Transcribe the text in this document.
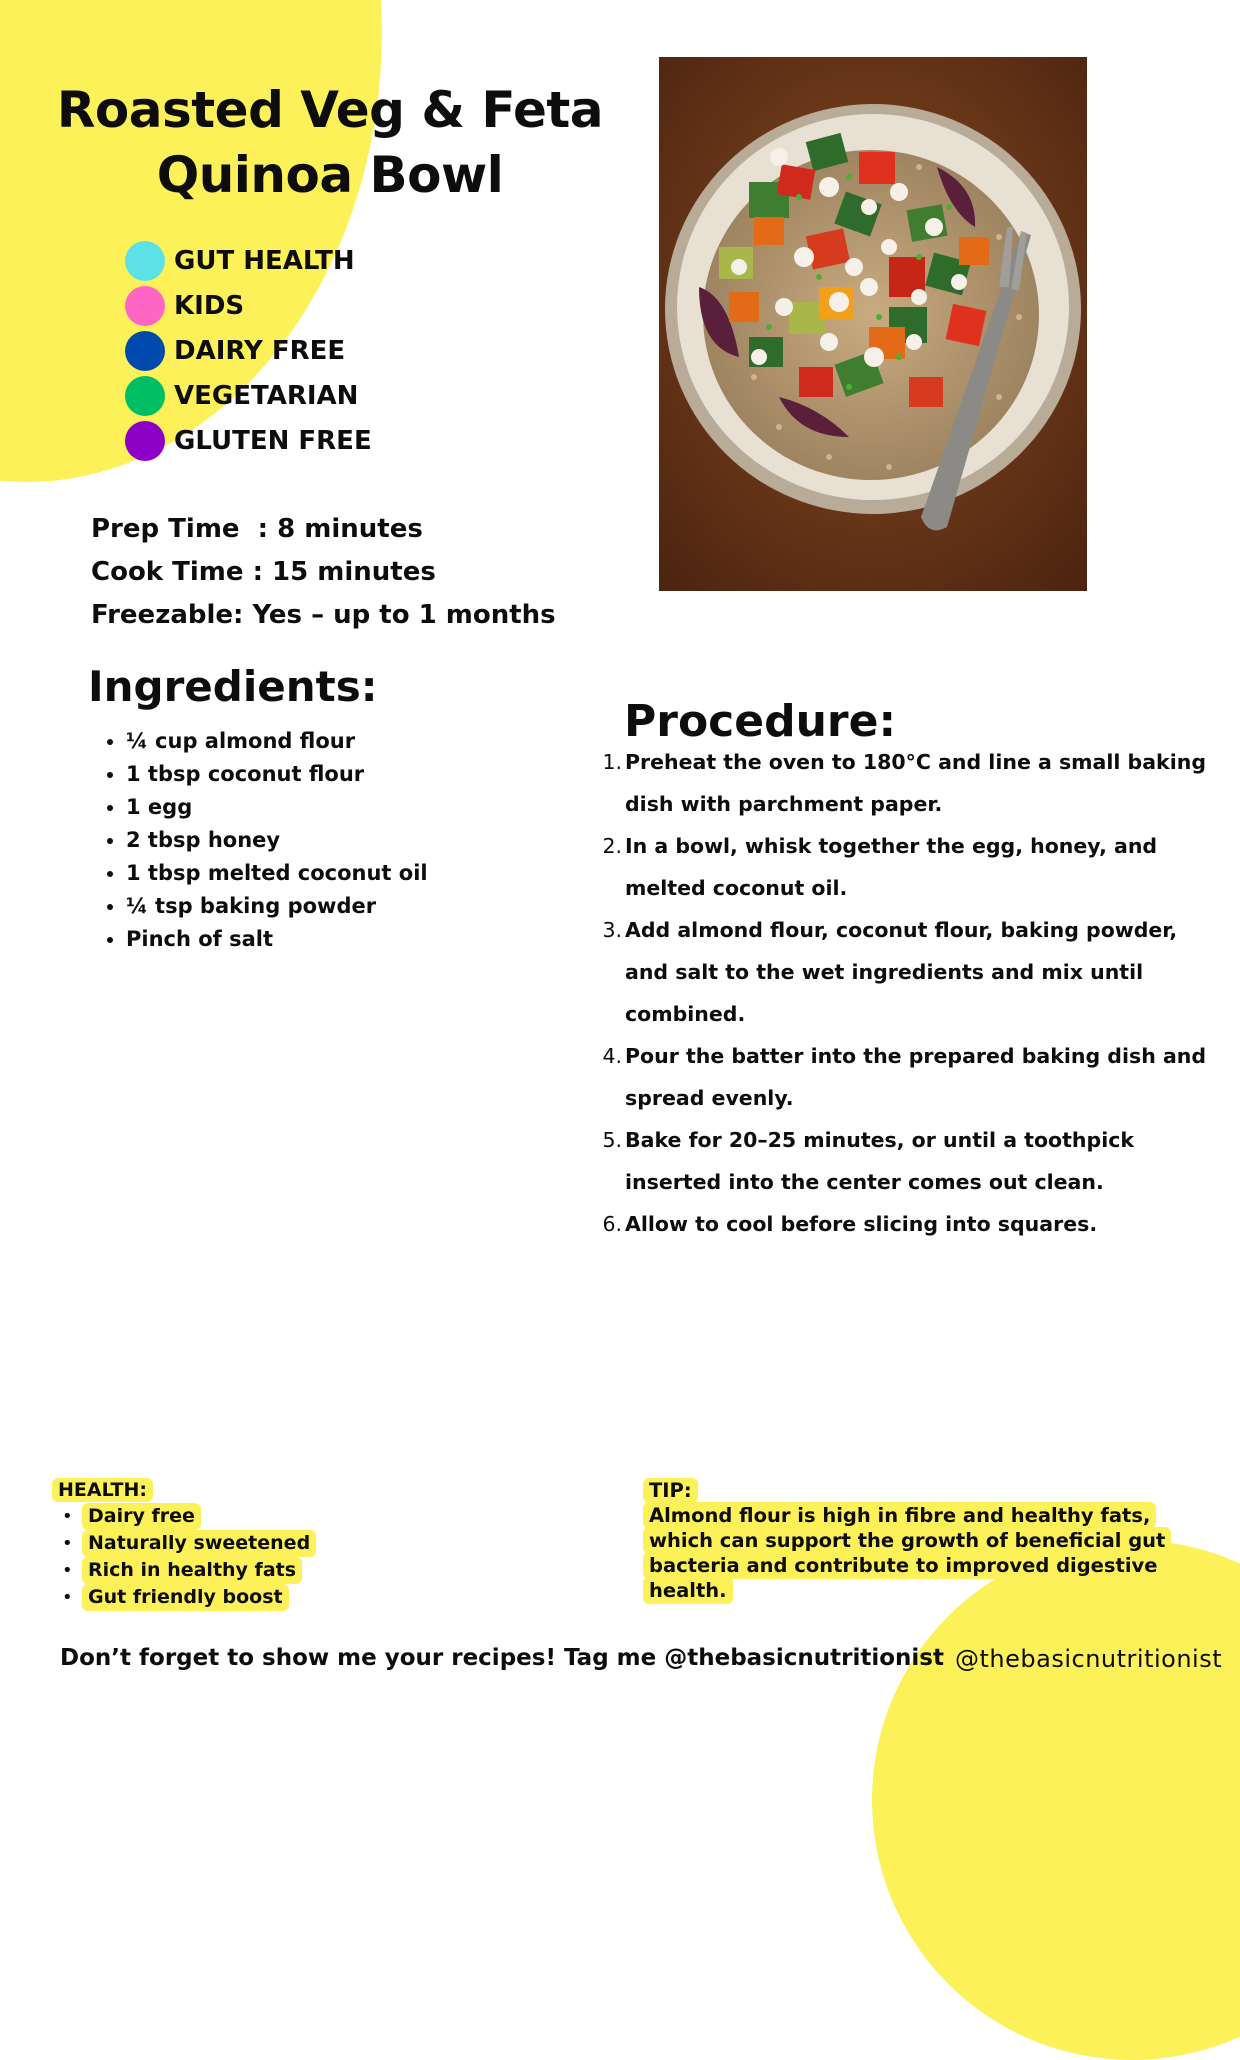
Roasted Veg & Feta Quinoa Bowl
GUT HEALTH
KIDS
DAIRY FREE
VEGETARIAN
GLUTEN FREE
Prep Time  : 8 minutes
Cook Time : 15 minutes
Freezable: Yes – up to 1 months
Ingredients:
• ¼ cup almond flour
• 1 tbsp coconut flour
• 1 egg
• 2 tbsp honey
• 1 tbsp melted coconut oil
• ¼ tsp baking powder
• Pinch of salt
Procedure:
1. Preheat the oven to 180°C and line a small baking dish with parchment paper.
2. In a bowl, whisk together the egg, honey, and melted coconut oil.
3. Add almond flour, coconut flour, baking powder, and salt to the wet ingredients and mix until combined.
4. Pour the batter into the prepared baking dish and spread evenly.
5. Bake for 20–25 minutes, or until a toothpick inserted into the center comes out clean.
6. Allow to cool before slicing into squares.
HEALTH:
• Dairy free
• Naturally sweetened
• Rich in healthy fats
• Gut friendly boost
TIP:
Almond flour is high in fibre and healthy fats, which can support the growth of beneficial gut bacteria and contribute to improved digestive health.
Don’t forget to show me your recipes! Tag me @thebasicnutritionist @thebasicnutritionist
